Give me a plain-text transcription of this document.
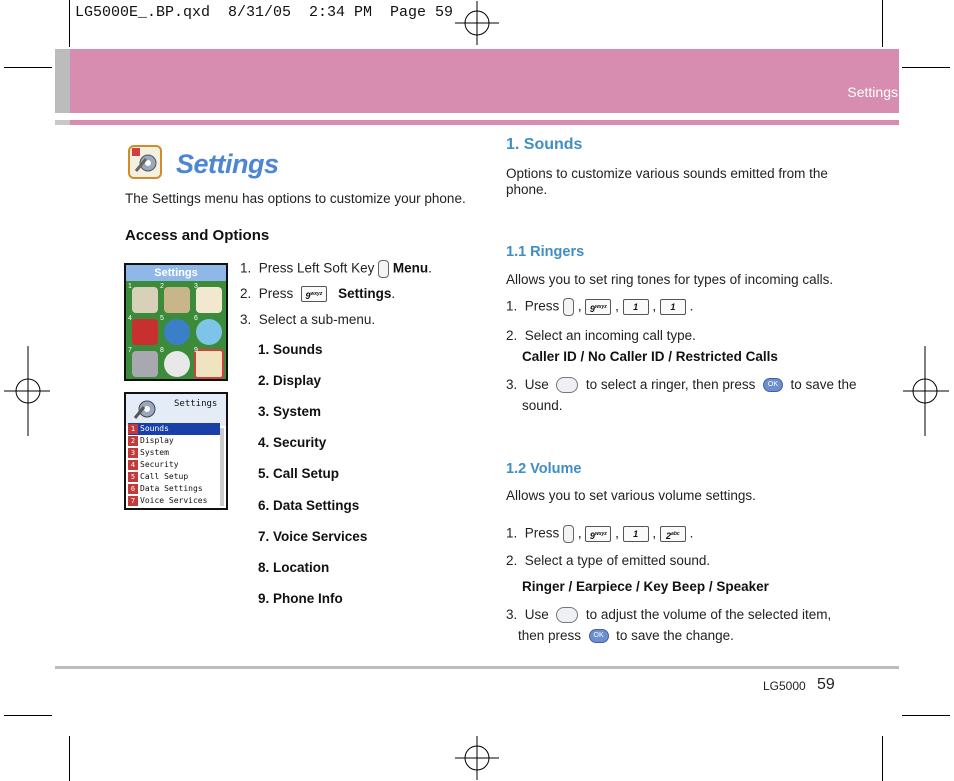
LG5000E_.BP.qxd  8/31/05  2:34 PM  Page 59
Settings
Settings
The Settings menu has options to customize your phone.
Access and Options
1. Press Left Soft Key Menu.
2. Press $9^{wxyz}$ Settings.
3. Select a sub-menu.
1. Sounds
2. Display
3. System
4. Security
5. Call Setup
6. Data Settings
7. Voice Services
8. Location
9. Phone Info
Settings
1	2	3
4	5	6
7	8	9
Settings
1 Sounds
2 Display
3 System
4 Security
5 Call Setup
6 Data Settings
7 Voice Services
1. Sounds
Options to customize various sounds emitted from the phone.
1.1 Ringers
Allows you to set ring tones for types of incoming calls.
1. Press  , $9^{wxyz}$ , 1 , 1 .
2. Select an incoming call type.
Caller ID / No Caller ID / Restricted Calls
3. Use	to select a ringer, then press OK to save the
sound.
1.2 Volume
Allows you to set various volume settings.
1. Press  , $9^{wxyz}$ , 1 , $2^{abc}$ .
2. Select a type of emitted sound.
Ringer / Earpiece / Key Beep / Speaker
3. Use	to adjust the volume of the selected item,
then press OK to save the change.
LG5000 59
